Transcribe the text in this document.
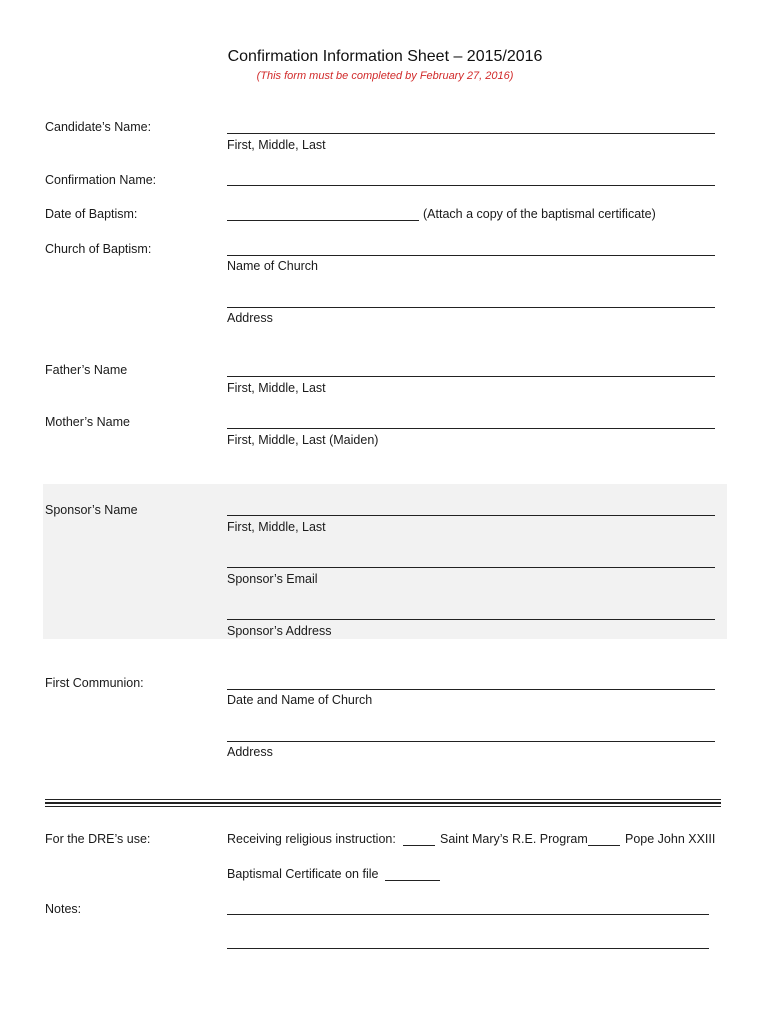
Confirmation Information Sheet – 2015/2016
(This form must be completed by February 27, 2016)
Candidate’s Name:
First, Middle, Last
Confirmation Name:
Date of Baptism:	(Attach a copy of the baptismal certificate)
Church of Baptism:
Name of Church
Address
Father’s Name
First, Middle, Last
Mother’s Name
First, Middle, Last (Maiden)
Sponsor’s Name
First, Middle, Last
Sponsor’s Email
Sponsor’s Address
First Communion:
Date and Name of Church
Address
For the DRE’s use:	Receiving religious instruction:	Saint Mary’s R.E. Program	Pope John XXIII
Baptismal Certificate on file
Notes:
